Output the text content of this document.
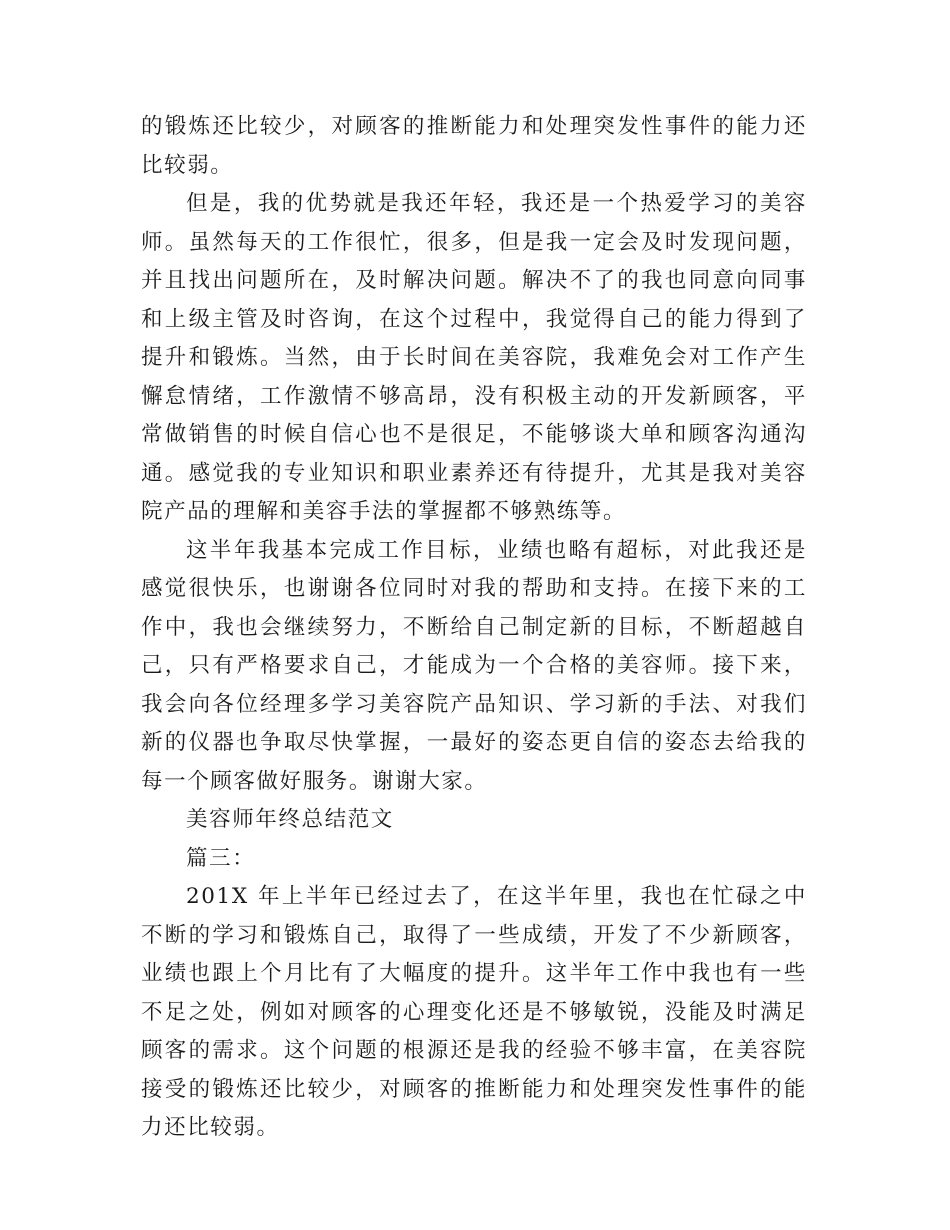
的锻炼还比较少，对顾客的推断能力和处理突发性事件的能力还比较弱。

但是，我的优势就是我还年轻，我还是一个热爱学习的美容师。虽然每天的工作很忙，很多，但是我一定会及时发现问题，并且找出问题所在，及时解决问题。解决不了的我也同意向同事和上级主管及时咨询，在这个过程中，我觉得自己的能力得到了提升和锻炼。当然，由于长时间在美容院，我难免会对工作产生懈怠情绪，工作激情不够高昂，没有积极主动的开发新顾客，平常做销售的时候自信心也不是很足，不能够谈大单和顾客沟通沟通。感觉我的专业知识和职业素养还有待提升，尤其是我对美容院产品的理解和美容手法的掌握都不够熟练等。

这半年我基本完成工作目标，业绩也略有超标，对此我还是感觉很快乐，也谢谢各位同时对我的帮助和支持。在接下来的工作中，我也会继续努力，不断给自己制定新的目标，不断超越自己，只有严格要求自己，才能成为一个合格的美容师。接下来，我会向各位经理多学习美容院产品知识、学习新的手法、对我们新的仪器也争取尽快掌握，一最好的姿态更自信的姿态去给我的每一个顾客做好服务。谢谢大家。

美容师年终总结范文

篇三：

201X 年上半年已经过去了，在这半年里，我也在忙碌之中不断的学习和锻炼自己，取得了一些成绩，开发了不少新顾客，业绩也跟上个月比有了大幅度的提升。这半年工作中我也有一些不足之处，例如对顾客的心理变化还是不够敏锐，没能及时满足顾客的需求。这个问题的根源还是我的经验不够丰富，在美容院接受的锻炼还比较少，对顾客的推断能力和处理突发性事件的能力还比较弱。
